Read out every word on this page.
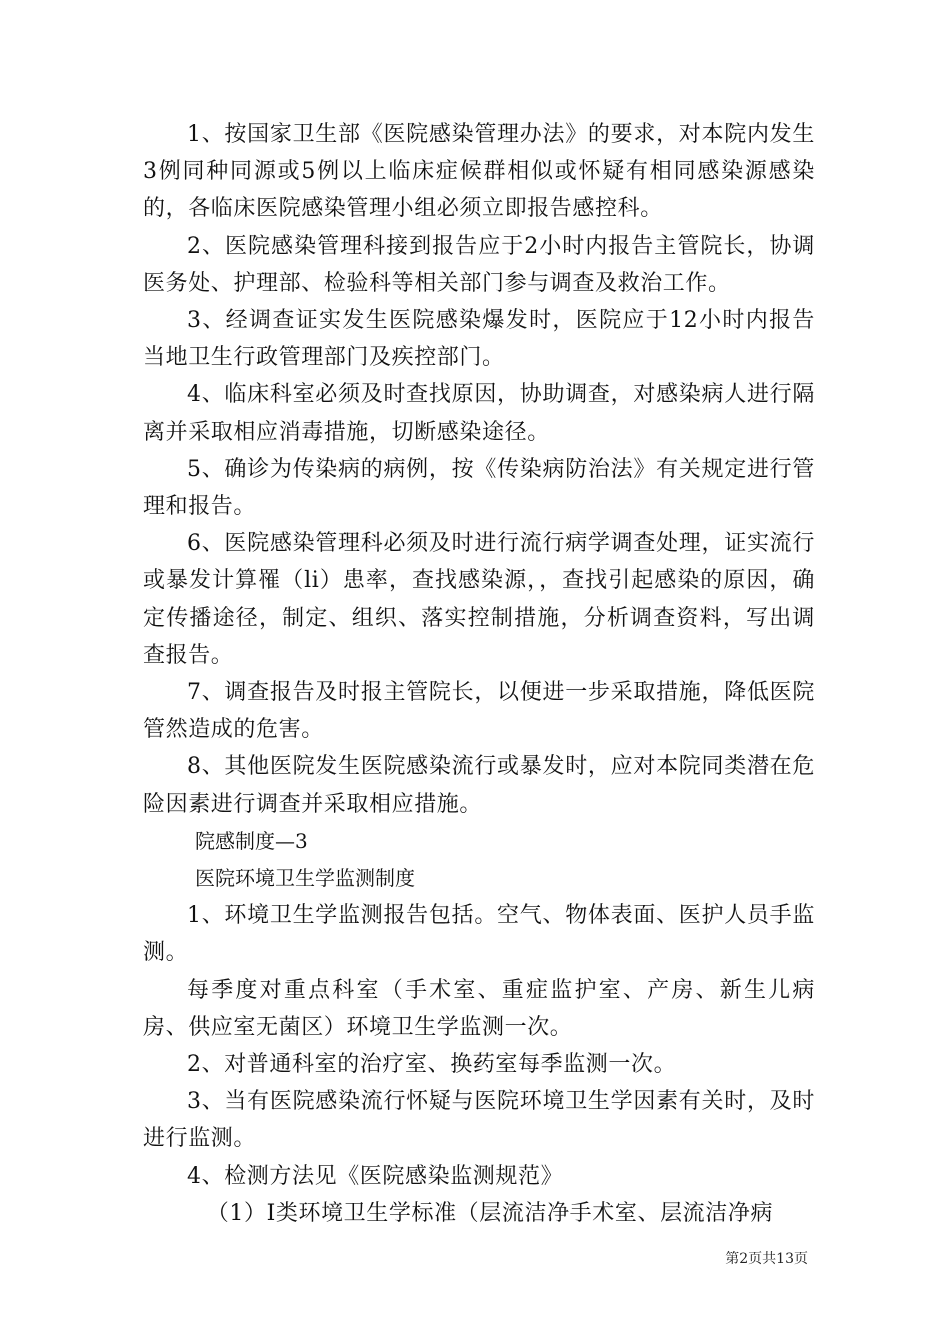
1、按国家卫生部《医院感染管理办法》的要求，对本院内发生3例同种同源或5例以上临床症候群相似或怀疑有相同感染源感染的，各临床医院感染管理小组必须立即报告感控科。

2、医院感染管理科接到报告应于2小时内报告主管院长，协调医务处、护理部、检验科等相关部门参与调查及救治工作。

3、经调查证实发生医院感染爆发时，医院应于12小时内报告当地卫生行政管理部门及疾控部门。

4、临床科室必须及时查找原因，协助调查，对感染病人进行隔离并采取相应消毒措施，切断感染途径。

5、确诊为传染病的病例，按《传染病防治法》有关规定进行管理和报告。

6、医院感染管理科必须及时进行流行病学调查处理，证实流行或暴发计算罹（li）患率，查找感染源，，查找引起感染的原因，确定传播途径，制定、组织、落实控制措施，分析调查资料，写出调查报告。

7、调查报告及时报主管院长，以便进一步采取措施，降低医院管然造成的危害。

8、其他医院发生医院感染流行或暴发时，应对本院同类潜在危险因素进行调查并采取相应措施。

院感制度—3

医院环境卫生学监测制度

1、环境卫生学监测报告包括。空气、物体表面、医护人员手监测。

每季度对重点科室（手术室、重症监护室、产房、新生儿病房、供应室无菌区）环境卫生学监测一次。

2、对普通科室的治疗室、换药室每季监测一次。

3、当有医院感染流行怀疑与医院环境卫生学因素有关时，及时进行监测。

4、检测方法见《医院感染监测规范》

（1）Ⅰ类环境卫生学标准（层流洁净手术室、层流洁净病

第2页共13页
